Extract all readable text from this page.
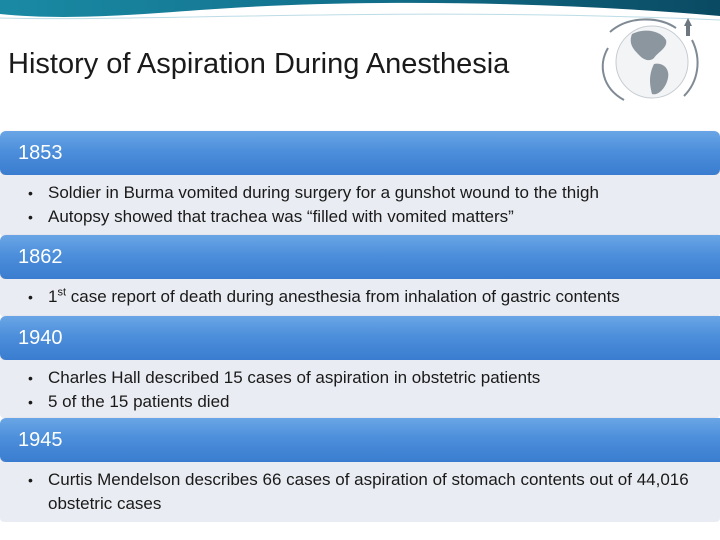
History of Aspiration During Anesthesia
1853
• Soldier in Burma vomited during surgery for a gunshot wound to the thigh
• Autopsy showed that trachea was “filled with vomited matters”
1862
• 1st case report of death during anesthesia from inhalation of gastric contents
1940
• Charles Hall described 15 cases of aspiration in obstetric patients
• 5 of the 15 patients died
1945
• Curtis Mendelson describes 66 cases of aspiration of stomach contents out of 44,016 obstetric cases
